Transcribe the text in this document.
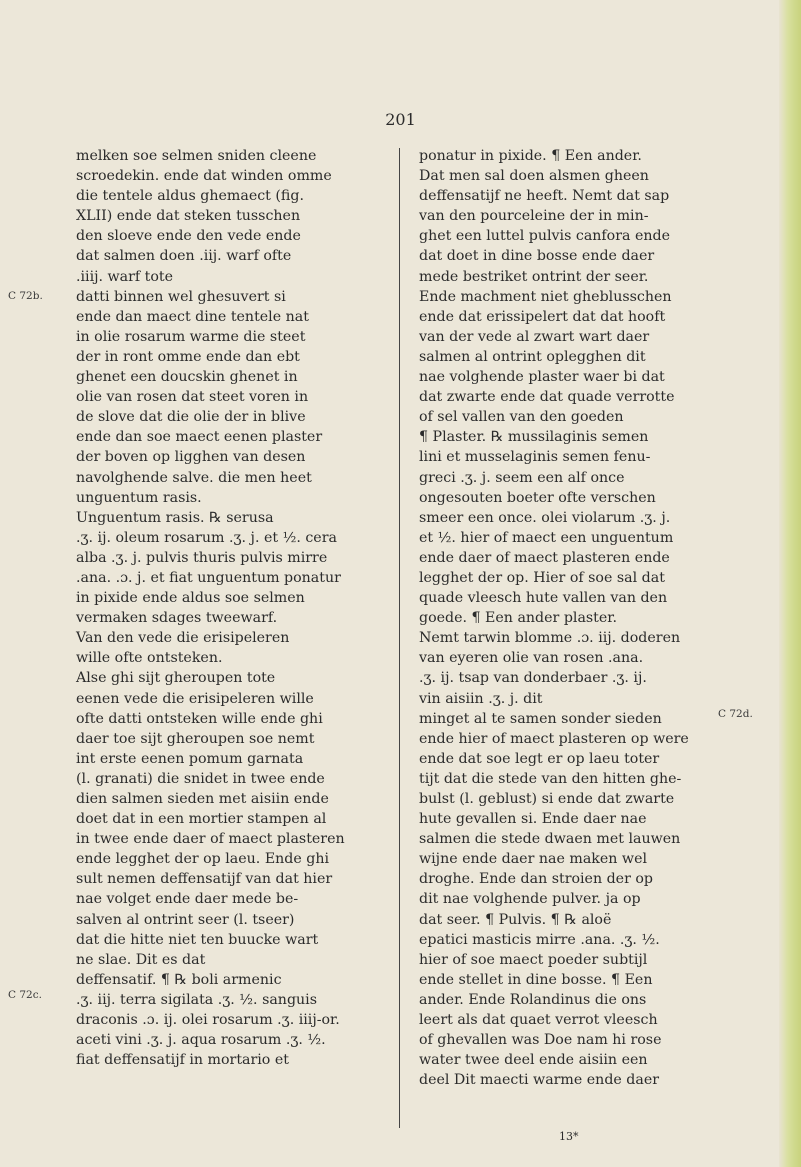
201
melken soe selmen sniden cleene
scroedekin. ende dat winden omme
die tentele aldus ghemaect (fig.
XLII) ende dat steken tusschen
den sloeve ende den vede ende
dat salmen doen .iij. warf ofte
.iiij. warf tote
datti binnen wel ghesuvert si
ende dan maect dine tentele nat
in olie rosarum warme die steet
der in ront omme ende dan ebt
ghenet een doucskin ghenet in
olie van rosen dat steet voren in
de slove dat die olie der in blive
ende dan soe maect eenen plaster
der boven op ligghen van desen
navolghende salve. die men heet
unguentum rasis.
Unguentum rasis. ℞ serusa
.ʒ. ij. oleum rosarum .ʒ. j. et ½. cera
alba .ʒ. j. pulvis thuris pulvis mirre
.ana. .ɔ. j. et fiat unguentum ponatur
in pixide ende aldus soe selmen
vermaken sdages tweewarf.
Van den vede die erisipeleren
wille ofte ontsteken.
Alse ghi sijt gheroupen tote
eenen vede die erisipeleren wille
ofte datti ontsteken wille ende ghi
daer toe sijt gheroupen soe nemt
int erste eenen pomum garnata
(l. granati) die snidet in twee ende
dien salmen sieden met aisiin ende
doet dat in een mortier stampen al
in twee ende daer of maect plasteren
ende legghet der op laeu. Ende ghi
sult nemen deffensatijf van dat hier
nae volget ende daer mede be-
salven al ontrint seer (l. tseer)
dat die hitte niet ten buucke wart
ne slae. Dit es dat
deffensatif. ¶ ℞ boli armenic
.ʒ. iij. terra sigilata .ʒ. ½. sanguis
draconis .ɔ. ij. olei rosarum .ʒ. iiij-or.
aceti vini .ʒ. j. aqua rosarum .ʒ. ½.
fiat deffensatijf in mortario et
ponatur in pixide. ¶ Een ander.
Dat men sal doen alsmen gheen
deffensatijf ne heeft. Nemt dat sap
van den pourceleine der in min-
ghet een luttel pulvis canfora ende
dat doet in dine bosse ende daer
mede bestriket ontrint der seer.
Ende machment niet gheblusschen
ende dat erissipelert dat dat hooft
van der vede al zwart wart daer
salmen al ontrint oplegghen dit
nae volghende plaster waer bi dat
dat zwarte ende dat quade verrotte
of sel vallen van den goeden
¶ Plaster. ℞ mussilaginis semen
lini et musselaginis semen fenu-
greci .ʒ. j. seem een alf once
ongesouten boeter ofte verschen
smeer een once. olei violarum .ʒ. j.
et ½. hier of maect een unguentum
ende daer of maect plasteren ende
legghet der op. Hier of soe sal dat
quade vleesch hute vallen van den
goede. ¶ Een ander plaster.
Nemt tarwin blomme .ɔ. iij. doderen
van eyeren olie van rosen .ana.
.ʒ. ij. tsap van donderbaer .ʒ. ij.
vin aisiin .ʒ. j. dit
minget al te samen sonder sieden
ende hier of maect plasteren op were
ende dat soe legt er op laeu toter
tijt dat die stede van den hitten ghe-
bulst (l. geblust) si ende dat zwarte
hute gevallen si. Ende daer nae
salmen die stede dwaen met lauwen
wijne ende daer nae maken wel
droghe. Ende dan stroien der op
dit nae volghende pulver. ja op
dat seer. ¶ Pulvis. ¶ ℞ aloë
epatici masticis mirre .ana. .ʒ. ½.
hier of soe maect poeder subtijl
ende stellet in dine bosse. ¶ Een
ander. Ende Rolandinus die ons
leert als dat quaet verrot vleesch
of ghevallen was Doe nam hi rose
water twee deel ende aisiin een
deel Dit maecti warme ende daer
C 72b.
C 72c.
C 72d.
13*
